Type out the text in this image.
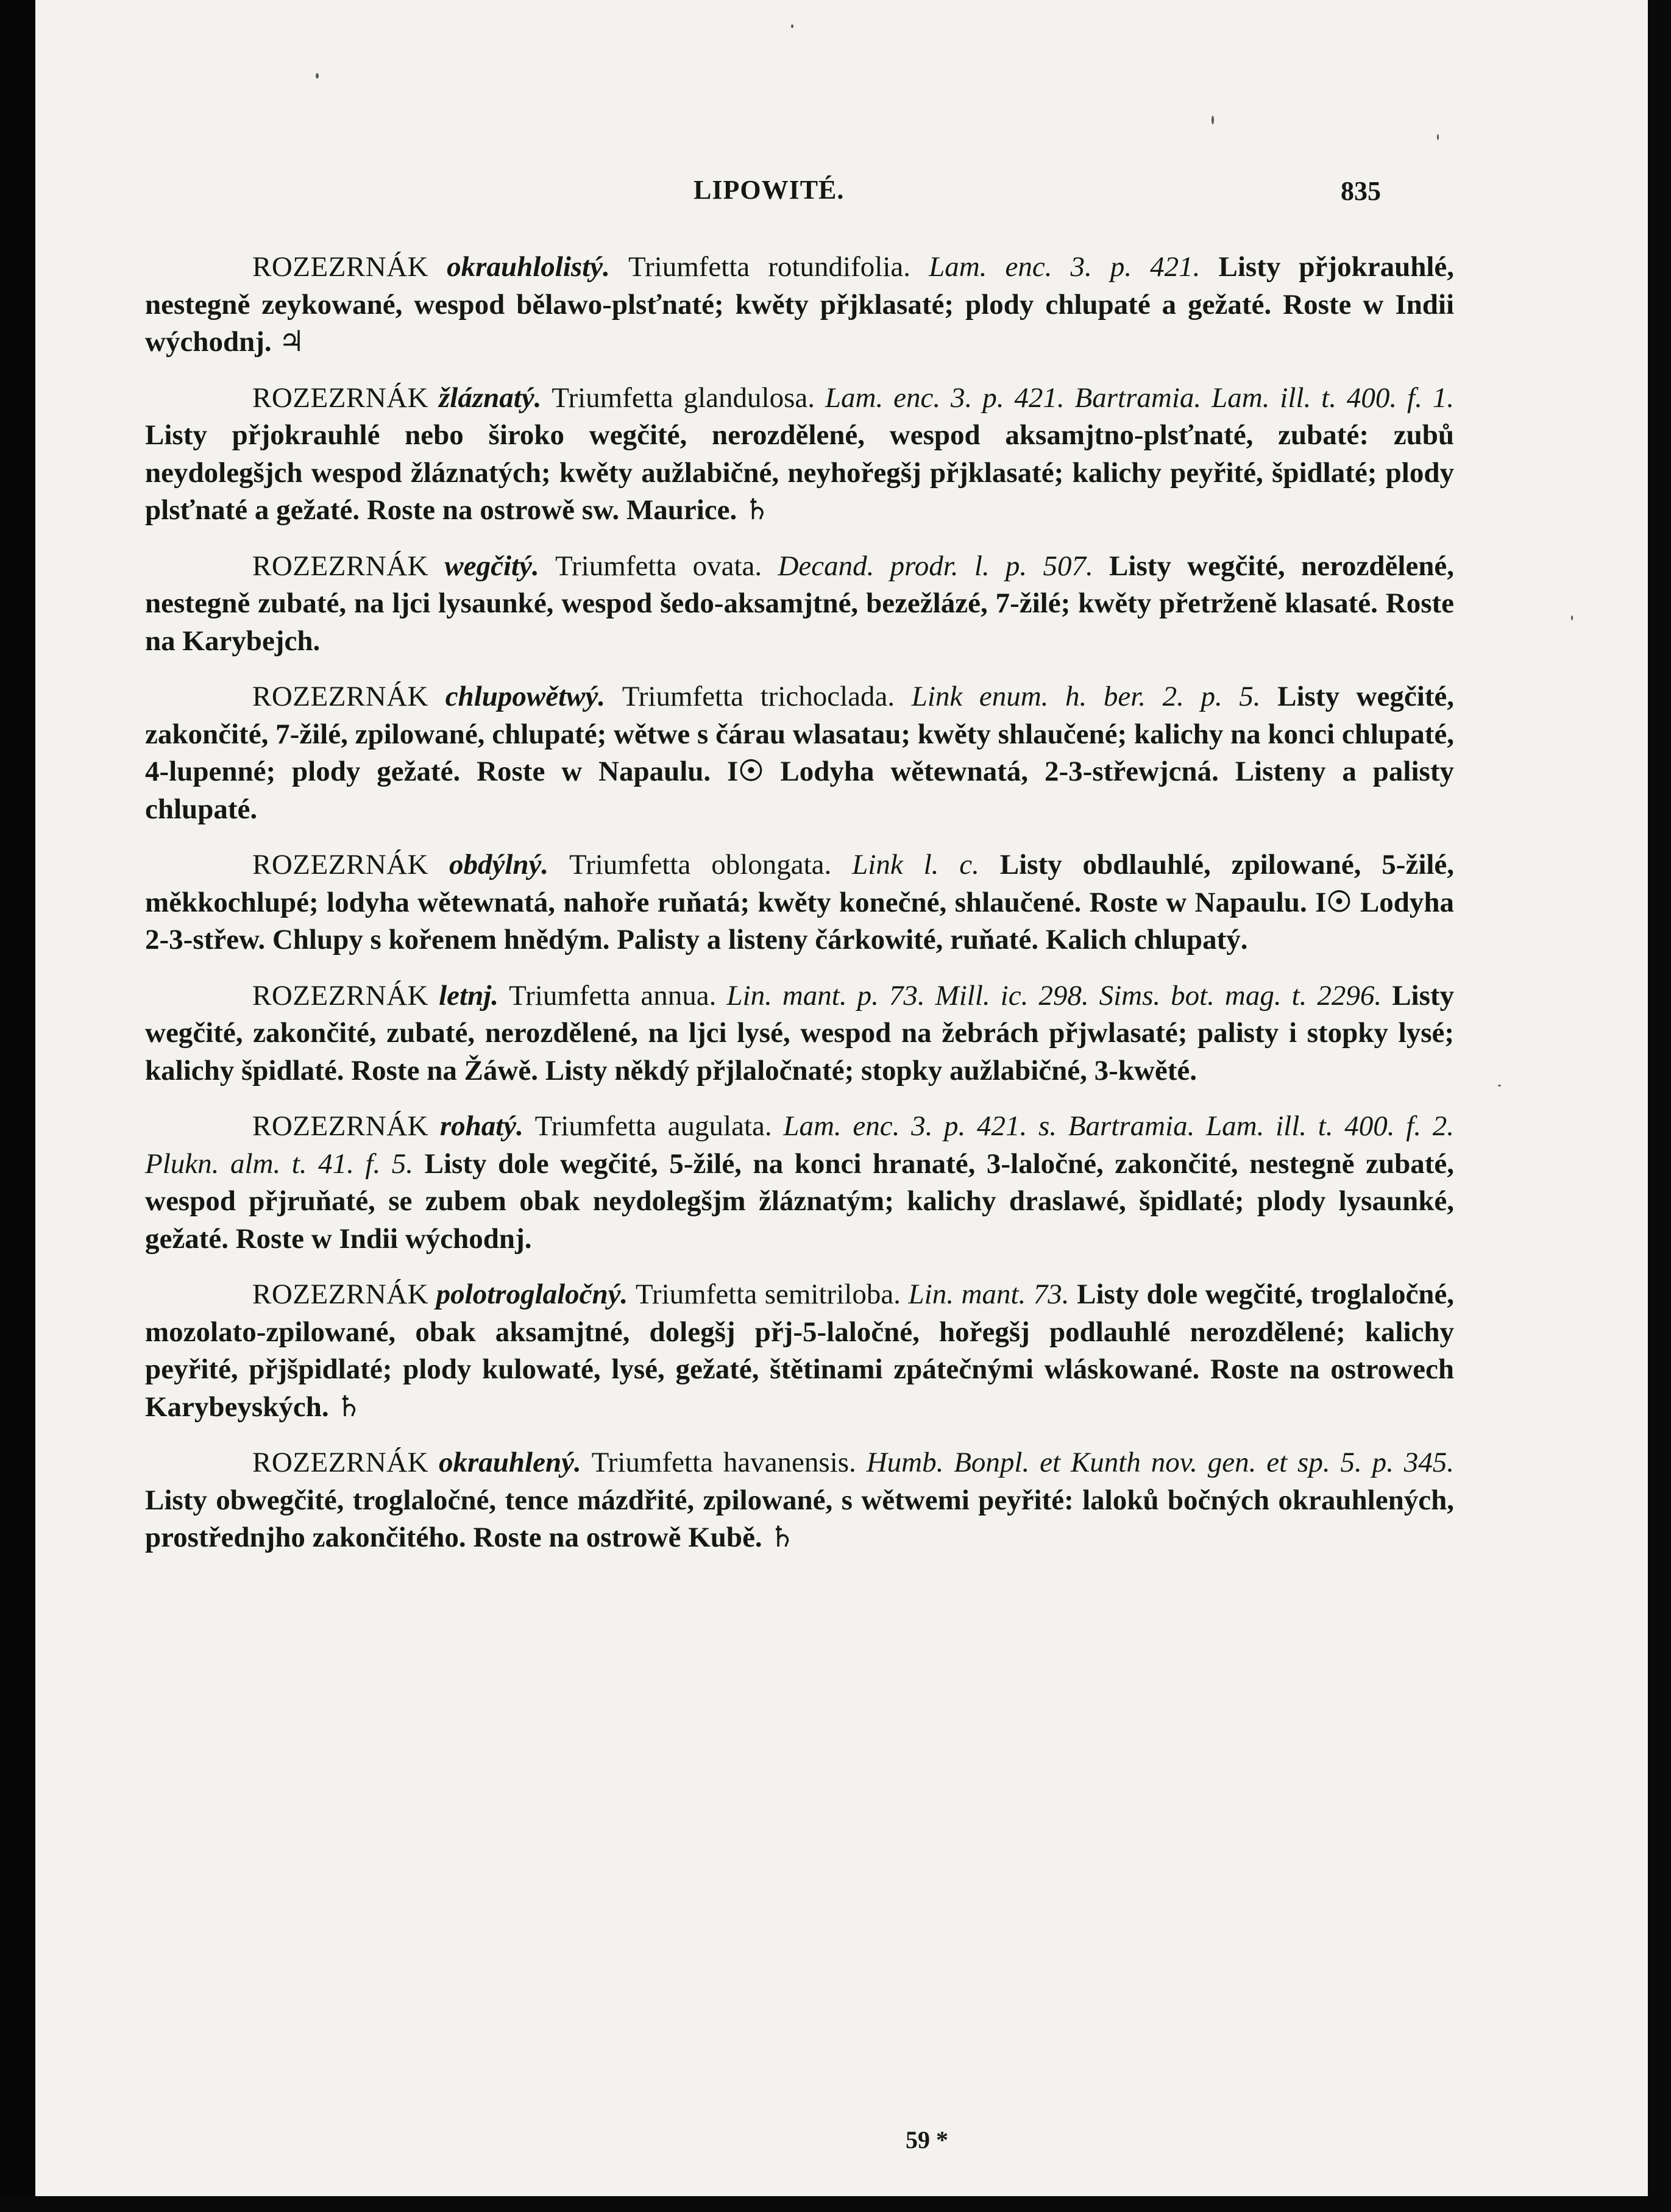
LIPOWITÉ.	835

ROZEZRNÁK okrauhlolistý. Triumfetta rotundifolia. Lam. enc. 3. p. 421. Listy přjokrauhlé, nestegně zeykowané, wespod bělawo-plsťnaté; kwěty přjklasaté; plody chlupaté a gežaté. Roste w Indii wýchodnj. ♃

ROZEZRNÁK žláznatý. Triumfetta glandulosa. Lam. enc. 3. p. 421. Bartramia. Lam. ill. t. 400. f. 1. Listy přjokrauhlé nebo široko wegčité, nerozdělené, wespod aksamjtno-plsťnaté, zubaté: zubů neydolegšjch wespod žláznatých; kwěty aužlabičné, neyhořegšj přjklasaté; kalichy peyřité, špidlaté; plody plsťnaté a gežaté. Roste na ostrowě sw. Maurice. ♄

ROZEZRNÁK wegčitý. Triumfetta ovata. Decand. prodr. l. p. 507. Listy wegčité, nerozdělené, nestegně zubaté, na ljci lysaunké, wespod šedo-aksamjtné, bezežlázé, 7-žilé; kwěty přetrženě klasaté. Roste na Karybejch.

ROZEZRNÁK chlupowětwý. Triumfetta trichoclada. Link enum. h. ber. 2. p. 5. Listy wegčité, zakončité, 7-žilé, zpilowané, chlupaté; wětwe s čárau wlasatau; kwěty shlaučené; kalichy na konci chlupaté, 4-lupenné; plody gežaté. Roste w Napaulu. I☉ Lodyha wětewnatá, 2-3-střewjcná. Listeny a palisty chlupaté.

ROZEZRNÁK obdýlný. Triumfetta oblongata. Link l. c. Listy obdlauhlé, zpilowané, 5-žilé, měkkochlupé; lodyha wětewnatá, nahoře ruňatá; kwěty konečné, shlaučené. Roste w Napaulu. I☉ Lodyha 2-3-střew. Chlupy s kořenem hnědým. Palisty a listeny čárkowité, ruňaté. Kalich chlupatý.

ROZEZRNÁK letnj. Triumfetta annua. Lin. mant. p. 73. Mill. ic. 298. Sims. bot. mag. t. 2296. Listy wegčité, zakončité, zubaté, nerozdělené, na ljci lysé, wespod na žebrách přjwlasaté; palisty i stopky lysé; kalichy špidlaté. Roste na Žáwě. Listy někdý přjlaločnaté; stopky aužlabičné, 3-kwěté.

ROZEZRNÁK rohatý. Triumfetta augulata. Lam. enc. 3. p. 421. s. Bartramia. Lam. ill. t. 400. f. 2. Plukn. alm. t. 41. f. 5. Listy dole wegčité, 5-žilé, na konci hranaté, 3-laločné, zakončité, nestegně zubaté, wespod přjruňaté, se zubem obak neydolegšjm žláznatým; kalichy draslawé, špidlaté; plody lysaunké, gežaté. Roste w Indii wýchodnj.

ROZEZRNÁK polotroglaločný. Triumfetta semitriloba. Lin. mant. 73. Listy dole wegčité, troglaločné, mozolato-zpilowané, obak aksamjtné, dolegšj přj-5-laločné, hořegšj podlauhlé nerozdělené; kalichy peyřité, přjšpidlaté; plody kulowaté, lysé, gežaté, štětinami zpátečnými wláskowané. Roste na ostrowech Karybeyských. ♄

ROZEZRNÁK okrauhlený. Triumfetta havanensis. Humb. Bonpl. et Kunth nov. gen. et sp. 5. p. 345. Listy obwegčité, troglaločné, tence mázdřité, zpilowané, s wětwemi peyřité: laloků bočných okrauhlených, prostřednjho zakončitého. Roste na ostrowě Kubě. ♄

59 *
